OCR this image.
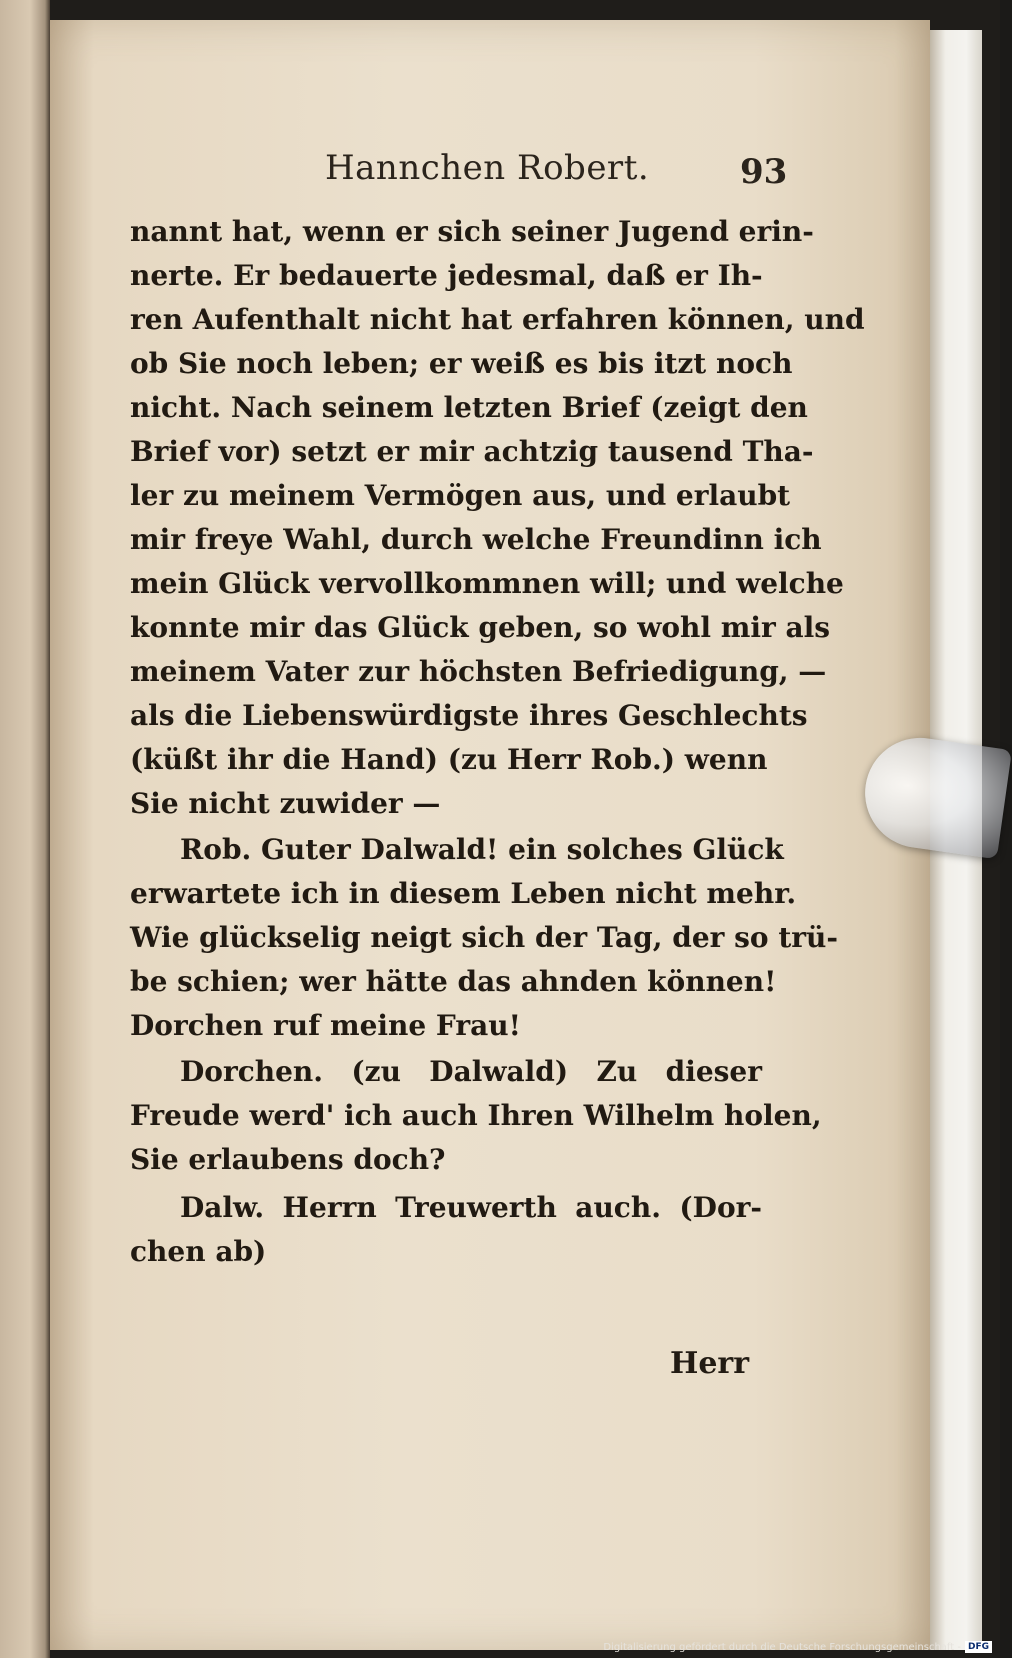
Hannchen Robert.	93
nannt hat, wenn er sich seiner Jugend erin-
nerte. Er bedauerte jedesmal, daß er Ih-
ren Aufenthalt nicht hat erfahren können, und
ob Sie noch leben; er weiß es bis itzt noch
nicht. Nach seinem letzten Brief (zeigt den
Brief vor) setzt er mir achtzig tausend Tha-
ler zu meinem Vermögen aus, und erlaubt
mir freye Wahl, durch welche Freundinn ich
mein Glück vervollkommnen will; und welche
konnte mir das Glück geben, so wohl mir als
meinem Vater zur höchsten Befriedigung, —
als die Liebenswürdigste ihres Geschlechts
(küßt ihr die Hand) (zu Herr Rob.) wenn
Sie nicht zuwider —
Rob. Guter Dalwald! ein solches Glück
erwartete ich in diesem Leben nicht mehr.
Wie glückselig neigt sich der Tag, der so trü-
be schien; wer hätte das ahnden können!
Dorchen ruf meine Frau!
Dorchen. (zu Dalwald) Zu dieser
Freude werd' ich auch Ihren Wilhelm holen,
Sie erlaubens doch?
Dalw. Herrn Treuwerth auch. (Dor-
chen ab)
Herr
Digitalisierung gefördert durch die Deutsche Forschungsgemeinschaft - DFG
